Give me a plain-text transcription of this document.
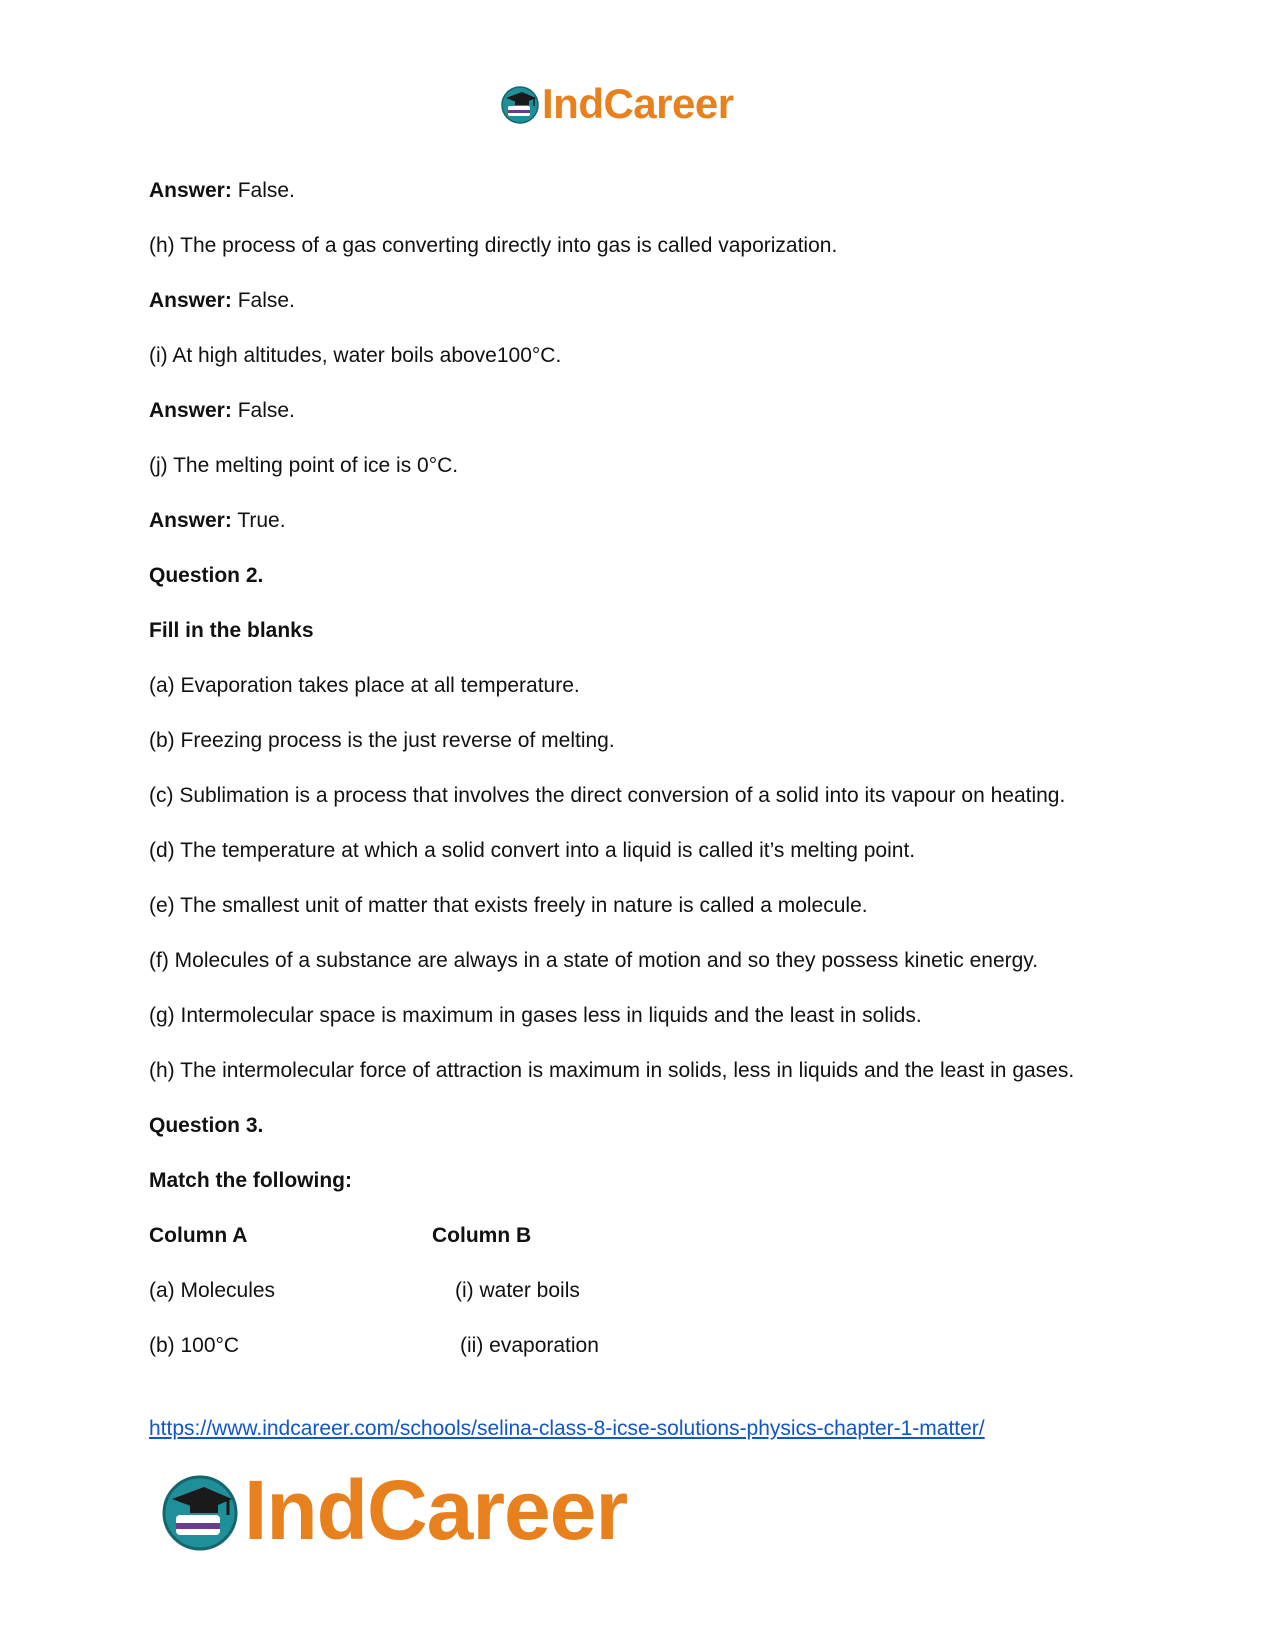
IndCareer

Answer: False.

(h) The process of a gas converting directly into gas is called vaporization.

Answer: False.

(i) At high altitudes, water boils above100°C.

Answer: False.

(j) The melting point of ice is 0°C.

Answer: True.

Question 2.

Fill in the blanks

(a) Evaporation takes place at all temperature.

(b) Freezing process is the just reverse of melting.

(c) Sublimation is a process that involves the direct conversion of a solid into its vapour on heating.

(d) The temperature at which a solid convert into a liquid is called it’s melting point.

(e) The smallest unit of matter that exists freely in nature is called a molecule.

(f) Molecules of a substance are always in a state of motion and so they possess kinetic energy.

(g) Intermolecular space is maximum in gases less in liquids and the least in solids.

(h) The intermolecular force of attraction is maximum in solids, less in liquids and the least in gases.

Question 3.

Match the following:

Column A	Column B
(a) Molecules	(i) water boils
(b) 100°C	(ii) evaporation
https://www.indcareer.com/schools/selina-class-8-icse-solutions-physics-chapter-1-matter/
IndCareer
